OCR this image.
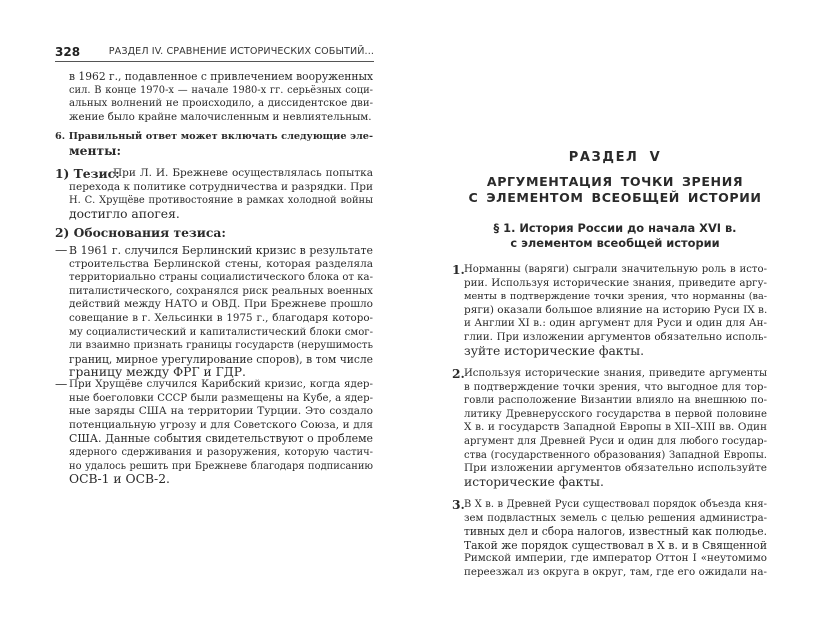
328	РАЗДЕЛ IV. СРАВНЕНИЕ ИСТОРИЧЕСКИХ СОБЫТИЙ...
в 1962 г., подавленное с привлечением вооруженных
сил. В конце 1970-х — начале 1980-х гг. серьёзных соци-
альных волнений не происходило, а диссидентское дви-
жение было крайне малочисленным и невлиятельным.
6. Правильный ответ может включать следующие эле-
менты:
1) Тезис:
При Л. И. Брежневе осуществлялась попытка
перехода к политике сотрудничества и разрядки. При
Н. С. Хрущёве противостояние в рамках холодной войны
достигло апогея.
2) Обоснования тезиса:
— В 1961 г. случился Берлинский кризис в результате
строительства Берлинской стены, которая разделяла
территориально страны социалистического блока от ка-
питалистического, сохранялся риск реальных военных
действий между НАТО и ОВД. При Брежневе прошло
совещание в г. Хельсинки в 1975 г., благодаря которо-
му социалистический и капиталистический блоки смог-
ли взаимно признать границы государств (нерушимость
границ, мирное урегулирование споров), в том числе
границу между ФРГ и ГДР.
— При Хрущёве случился Карибский кризис, когда ядер-
ные боеголовки СССР были размещены на Кубе, а ядер-
ные заряды США на территории Турции. Это создало
потенциальную угрозу и для Советского Союза, и для
США. Данные события свидетельствуют о проблеме
ядерного сдерживания и разоружения, которую частич-
но удалось решить при Брежневе благодаря подписанию
ОСВ-1 и ОСВ-2.
РАЗДЕЛ V
АРГУМЕНТАЦИЯ ТОЧКИ ЗРЕНИЯ
С ЭЛЕМЕНТОМ ВСЕОБЩЕЙ ИСТОРИИ
§ 1. История России до начала XVI в.
с элементом всеобщей истории
1. Норманны (варяги) сыграли значительную роль в исто-
рии. Используя исторические знания, приведите аргу-
менты в подтверждение точки зрения, что норманны (ва-
ряги) оказали большое влияние на историю Руси IX в.
и Англии XI в.: один аргумент для Руси и один для Ан-
глии. При изложении аргументов обязательно исполь-
зуйте исторические факты.
2. Используя исторические знания, приведите аргументы
в подтверждение точки зрения, что выгодное для тор-
говли расположение Византии влияло на внешнюю по-
литику Древнерусского государства в первой половине
X в. и государств Западной Европы в XII–XIII вв. Один
аргумент для Древней Руси и один для любого государ-
ства (государственного образования) Западной Европы.
При изложении аргументов обязательно используйте
исторические факты.
3. В X в. в Древней Руси существовал порядок объезда кня-
зем подвластных земель с целью решения администра-
тивных дел и сбора налогов, известный как полюдье.
Такой же порядок существовал в X в. и в Священной
Римской империи, где император Оттон I «неутомимо
переезжал из округа в округ, там, где его ожидали на-
